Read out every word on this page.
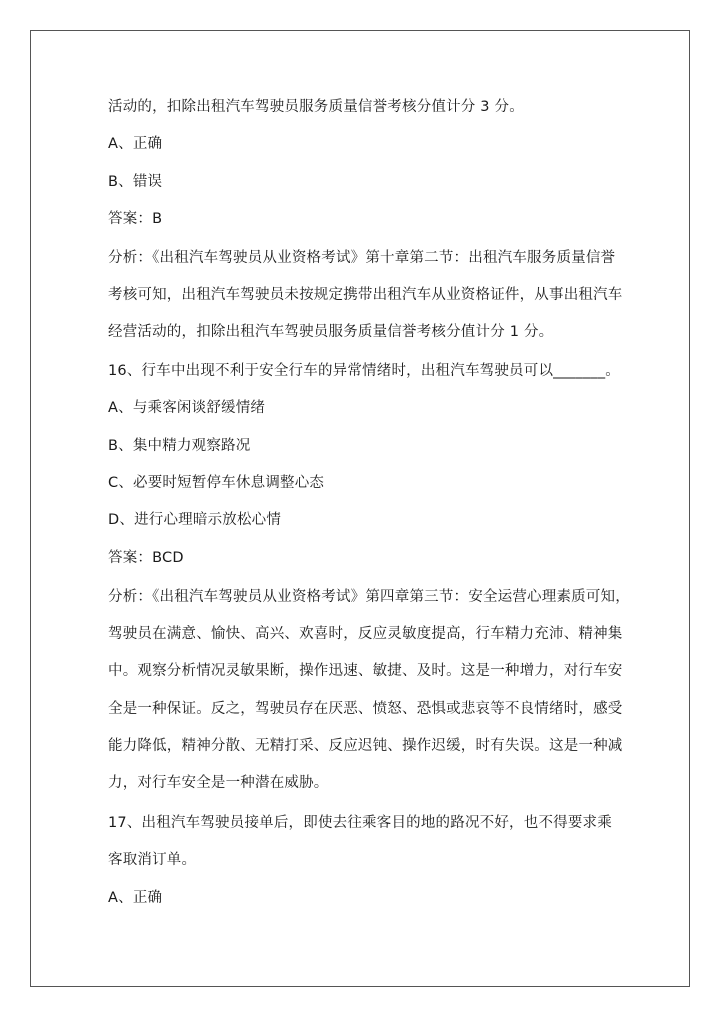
活动的，扣除出租汽车驾驶员服务质量信誉考核分值计分 3 分。
A、正确
B、错误
答案：B
分析：《出租汽车驾驶员从业资格考试》第十章第二节：出租汽车服务质量信誉
考核可知，出租汽车驾驶员未按规定携带出租汽车从业资格证件，从事出租汽车
经营活动的，扣除出租汽车驾驶员服务质量信誉考核分值计分 1 分。
16、行车中出现不利于安全行车的异常情绪时，出租汽车驾驶员可以_______。
A、与乘客闲谈舒缓情绪
B、集中精力观察路况
C、必要时短暂停车休息调整心态
D、进行心理暗示放松心情
答案：BCD
分析：《出租汽车驾驶员从业资格考试》第四章第三节：安全运营心理素质可知，
驾驶员在满意、愉快、高兴、欢喜时，反应灵敏度提高，行车精力充沛、精神集
中。观察分析情况灵敏果断，操作迅速、敏捷、及时。这是一种增力，对行车安
全是一种保证。反之，驾驶员存在厌恶、愤怒、恐惧或悲哀等不良情绪时，感受
能力降低，精神分散、无精打采、反应迟钝、操作迟缓，时有失误。这是一种减
力，对行车安全是一种潜在威胁。
17、出租汽车驾驶员接单后，即使去往乘客目的地的路况不好，也不得要求乘
客取消订单。
A、正确
